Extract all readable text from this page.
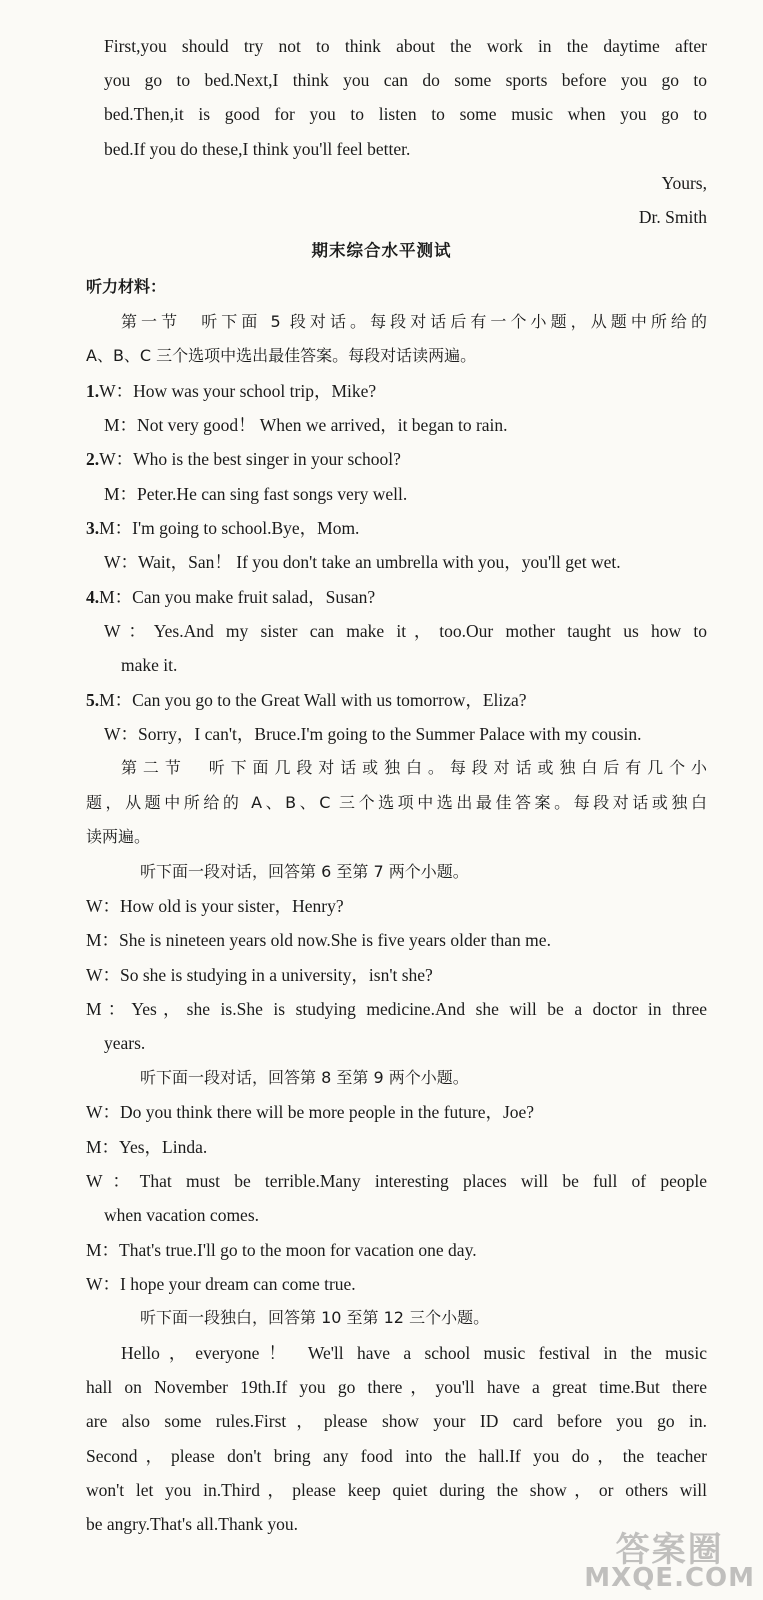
First,you should try not to think about the work in the daytime after
you go to bed.Next,I think you can do some sports before you go to
bed.Then,it is good for you to listen to some music when you go to
bed.If you do these,I think you'll feel better.
Yours,
Dr. Smith
期末综合水平测试
听力材料：
第一节　听下面 5 段对话。每段对话后有一个小题，从题中所给的
A、B、C 三个选项中选出最佳答案。每段对话读两遍。
1.W：How was your school trip，Mike?
M：Not very good！ When we arrived，it began to rain.
2.W：Who is the best singer in your school?
M：Peter.He can sing fast songs very well.
3.M：I'm going to school.Bye，Mom.
W：Wait，San！ If you don't take an umbrella with you，you'll get wet.
4.M：Can you make fruit salad，Susan?
W：Yes.And my sister can make it，too.Our mother taught us how to
make it.
5.M：Can you go to the Great Wall with us tomorrow，Eliza?
W：Sorry，I can't，Bruce.I'm going to the Summer Palace with my cousin.
第二节　听下面几段对话或独白。每段对话或独白后有几个小
题，从题中所给的 A、B、C 三个选项中选出最佳答案。每段对话或独白
读两遍。
听下面一段对话，回答第 6 至第 7 两个小题。
W：How old is your sister，Henry?
M：She is nineteen years old now.She is five years older than me.
W：So she is studying in a university，isn't she?
M：Yes，she is.She is studying medicine.And she will be a doctor in three
years.
听下面一段对话，回答第 8 至第 9 两个小题。
W：Do you think there will be more people in the future，Joe?
M：Yes，Linda.
W：That must be terrible.Many interesting places will be full of people
when vacation comes.
M：That's true.I'll go to the moon for vacation one day.
W：I hope your dream can come true.
听下面一段独白，回答第 10 至第 12 三个小题。
Hello，everyone！ We'll have a school music festival in the music
hall on November 19th.If you go there，you'll have a great time.But there
are also some rules.First，please show your ID card before you go in.
Second，please don't bring any food into the hall.If you do，the teacher
won't let you in.Third，please keep quiet during the show，or others will
be angry.That's all.Thank you.
答案圈
MXQE.COM
